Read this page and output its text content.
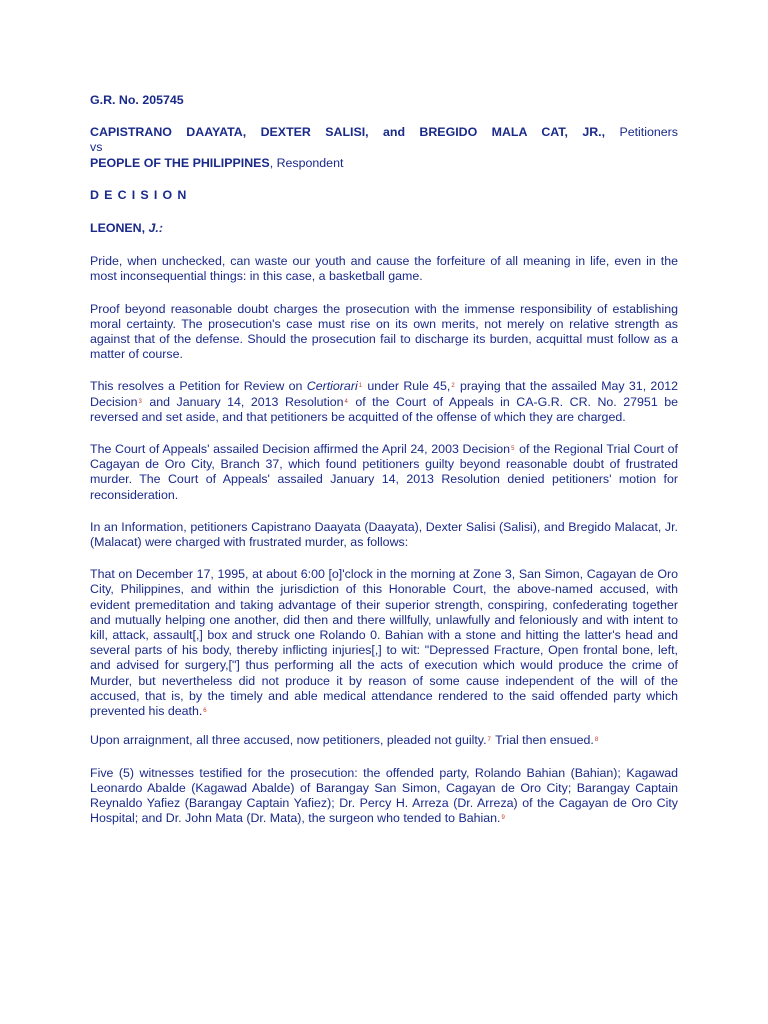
G.R. No. 205745
CAPISTRANO DAAYATA, DEXTER SALISI, and BREGIDO MALA CAT, JR., Petitioners
vs
PEOPLE OF THE PHILIPPINES, Respondent
DECISION
LEONEN, J.:

Pride, when unchecked, can waste our youth and cause the forfeiture of all meaning in life, even in the most inconsequential things: in this case, a basketball game.

Proof beyond reasonable doubt charges the prosecution with the immense responsibility of establishing moral certainty. The prosecution's case must rise on its own merits, not merely on relative strength as against that of the defense. Should the prosecution fail to discharge its burden, acquittal must follow as a matter of course.

This resolves a Petition for Review on Certiorari$^1$ under Rule 45,$^2$ praying that the assailed May 31, 2012 Decision$^3$ and January 14, 2013 Resolution$^4$ of the Court of Appeals in CA-G.R. CR. No. 27951 be reversed and set aside, and that petitioners be acquitted of the offense of which they are charged.

The Court of Appeals' assailed Decision affirmed the April 24, 2003 Decision$^5$ of the Regional Trial Court of Cagayan de Oro City, Branch 37, which found petitioners guilty beyond reasonable doubt of frustrated murder. The Court of Appeals' assailed January 14, 2013 Resolution denied petitioners' motion for reconsideration.

In an Information, petitioners Capistrano Daayata (Daayata), Dexter Salisi (Salisi), and Bregido Malacat, Jr. (Malacat) were charged with frustrated murder, as follows:

That on December 17, 1995, at about 6:00 [o]'clock in the morning at Zone 3, San Simon, Cagayan de Oro City, Philippines, and within the jurisdiction of this Honorable Court, the above-named accused, with evident premeditation and taking advantage of their superior strength, conspiring, confederating together and mutually helping one another, did then and there willfully, unlawfully and feloniously and with intent to kill, attack, assault[,] box and struck one Rolando 0. Bahian with a stone and hitting the latter's head and several parts of his body, thereby inflicting injuries[,] to wit: "Depressed Fracture, Open frontal bone, left, and advised for surgery,["] thus performing all the acts of execution which would produce the crime of Murder, but nevertheless did not produce it by reason of some cause independent of the will of the accused, that is, by the timely and able medical attendance rendered to the said offended party which prevented his death.$^6$

Upon arraignment, all three accused, now petitioners, pleaded not guilty.$^7$ Trial then ensued.$^8$

Five (5) witnesses testified for the prosecution: the offended party, Rolando Bahian (Bahian); Kagawad Leonardo Abalde (Kagawad Abalde) of Barangay San Simon, Cagayan de Oro City; Barangay Captain Reynaldo Yafiez (Barangay Captain Yafiez); Dr. Percy H. Arreza (Dr. Arreza) of the Cagayan de Oro City Hospital; and Dr. John Mata (Dr. Mata), the surgeon who tended to Bahian.$^9$
